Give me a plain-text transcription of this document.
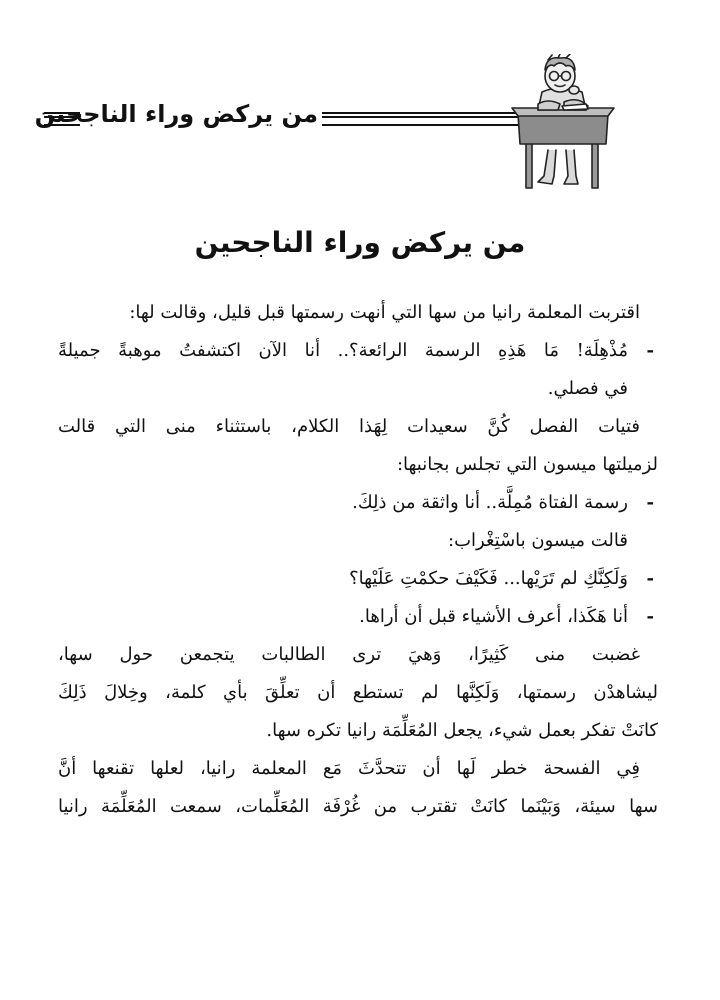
من يركض وراء الناجحين
من يركض وراء الناجحين
اقتربت المعلمة رانيا من سها التي أنهت رسمتها قبل قليل، وقالت لها:
-
مُذْهِلَة! مَا هَذِهِ الرسمة الرائعة؟.. أنا الآن اكتشفتُ موهبةً جميلةً
في فصلي.
فتيات الفصل كُنَّ سعيدات لِهَذا الكلام، باستثناء منى التي قالت
لزميلتها ميسون التي تجلس بجانبها:
-
رسمة الفتاة مُمِلَّة.. أنا واثقة من ذلِكَ.
قالت ميسون باسْتِغْراب:
-
وَلَكِنَّكِ لم تَرَيْها... فَكَيْفَ حكمْتِ عَلَيْها؟
-
أنا هَكَذا، أعرف الأشياء قبل أن أراها.
غضبت منى كَثِيرًا، وَهيَ ترى الطالبات يتجمعن حول سها،
ليشاهدْن رسمتها، وَلَكِنَّها لم تستطع أن تعلِّقَ بأي كلمة، وخِلالَ ذَلِكَ
كانَتْ تفكر بعمل شيء، يجعل المُعَلِّمَة رانيا تكره سها.
فِي الفسحة خطر لَها أن تتحدَّثَ مَع المعلمة رانيا، لعلها تقنعها أنَّ
سها سيئة، وَبَيْنَما كانَتْ تقترب من غُرْفَة المُعَلِّمات، سمعت المُعَلِّمَة رانيا
